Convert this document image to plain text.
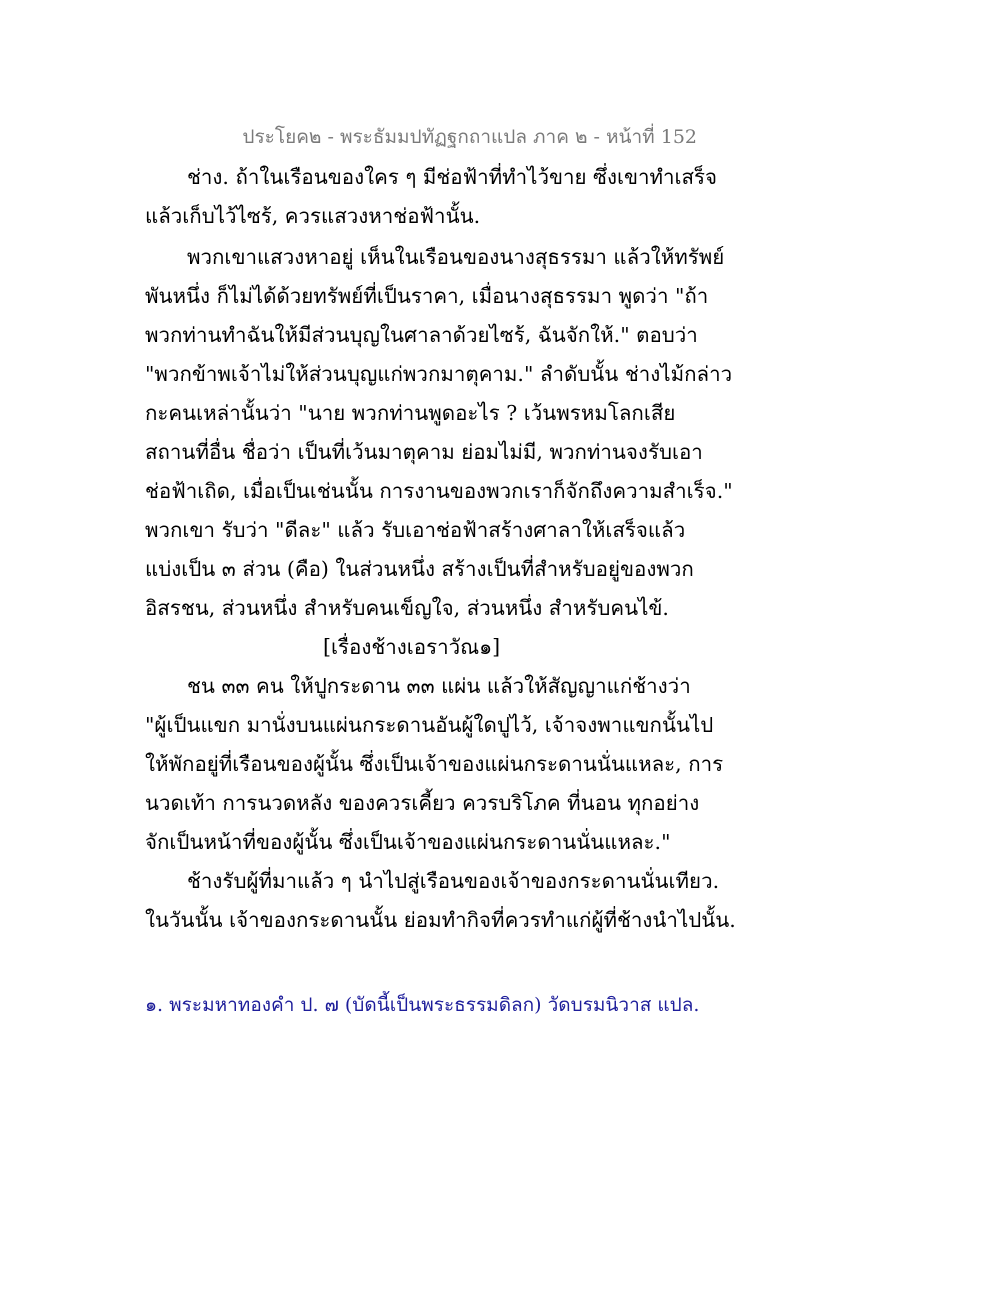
ประโยค๒ - พระธัมมปทัฏฐกถาแปล ภาค ๒ - หน้าที่ 152
ช่าง. ถ้าในเรือนของใคร ๆ มีช่อฟ้าที่ทำไว้ขาย ซึ่งเขาทำเสร็จ
แล้วเก็บไว้ไซร้, ควรแสวงหาช่อฟ้านั้น.
พวกเขาแสวงหาอยู่ เห็นในเรือนของนางสุธรรมา แล้วให้ทรัพย์
พันหนึ่ง ก็ไม่ได้ด้วยทรัพย์ที่เป็นราคา, เมื่อนางสุธรรมา พูดว่า "ถ้า
พวกท่านทำฉันให้มีส่วนบุญในศาลาด้วยไซร้, ฉันจักให้." ตอบว่า
"พวกข้าพเจ้าไม่ให้ส่วนบุญแก่พวกมาตุคาม." ลำดับนั้น ช่างไม้กล่าว
กะคนเหล่านั้นว่า "นาย พวกท่านพูดอะไร ? เว้นพรหมโลกเสีย
สถานที่อื่น ชื่อว่า เป็นที่เว้นมาตุคาม ย่อมไม่มี, พวกท่านจงรับเอา
ช่อฟ้าเถิด, เมื่อเป็นเช่นนั้น การงานของพวกเราก็จักถึงความสำเร็จ."
พวกเขา รับว่า "ดีละ" แล้ว รับเอาช่อฟ้าสร้างศาลาให้เสร็จแล้ว
แบ่งเป็น ๓ ส่วน (คือ) ในส่วนหนึ่ง สร้างเป็นที่สำหรับอยู่ของพวก
อิสรชน, ส่วนหนึ่ง สำหรับคนเข็ญใจ, ส่วนหนึ่ง สำหรับคนไข้.
[เรื่องช้างเอราวัณ๑]
ชน ๓๓ คน ให้ปูกระดาน ๓๓ แผ่น แล้วให้สัญญาแก่ช้างว่า
"ผู้เป็นแขก มานั่งบนแผ่นกระดานอันผู้ใดปูไว้, เจ้าจงพาแขกนั้นไป
ให้พักอยู่ที่เรือนของผู้นั้น ซึ่งเป็นเจ้าของแผ่นกระดานนั่นแหละ, การ
นวดเท้า การนวดหลัง ของควรเคี้ยว ควรบริโภค ที่นอน ทุกอย่าง
จักเป็นหน้าที่ของผู้นั้น ซึ่งเป็นเจ้าของแผ่นกระดานนั่นแหละ."
ช้างรับผู้ที่มาแล้ว ๆ นำไปสู่เรือนของเจ้าของกระดานนั่นเทียว.
ในวันนั้น เจ้าของกระดานนั้น ย่อมทำกิจที่ควรทำแก่ผู้ที่ช้างนำไปนั้น.
๑. พระมหาทองคำ ป. ๗ (บัดนี้เป็นพระธรรมดิลก) วัดบรมนิวาส แปล.
